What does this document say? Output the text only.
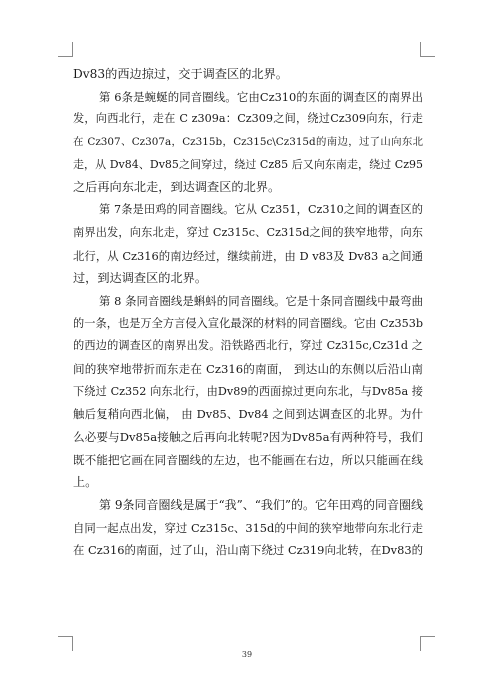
Dv83的西边掠过，交于调查区的北界。
第 6条是蜿蜒的同音圈线。它由Cz310的东面的调查区的南界出
发，向西北行，走在 C z309a：Cz309之间，绕过Cz309向东，行走
在 Cz307、Cz307a，Cz315b，Cz315c\Cz315d的南边，过了山向东北
走，从 Dv84、Dv85之间穿过，绕过 Cz85 后又向东南走，绕过 Cz95
之后再向东北走，到达调查区的北界。
第 7条是田鸡的同音圈线。它从 Cz351，Cz310之间的调查区的
南界出发，向东北走，穿过 Cz315c、Cz315d之间的狭窄地带，向东
北行，从 Cz316的南边经过，继续前进，由 D v83及 Dv83 a之间通
过，到达调查区的北界。
第 8 条同音圈线是蝌蚪的同音圈线。它是十条同音圈线中最弯曲
的一条，也是万全方言侵入宣化最深的材料的同音圈线。它由 Cz353b
的西边的调查区的南界出发。沿铁路西北行，穿过 Cz315c,Cz31d 之
间的狭窄地带折而东走在 Cz316的南面， 到达山的东侧以后沿山南
下绕过 Cz352 向东北行，由Dv89的西面掠过更向东北，与Dv85a 接
触后复稍向西北偏， 由 Dv85、Dv84 之间到达调查区的北界。为什
么必要与Dv85a接触之后再向北转呢?因为Dv85a有两种符号，我们
既不能把它画在同音圈线的左边，也不能画在右边，所以只能画在线
上。
第 9条同音圈线是属于“我”、“我们”的。它年田鸡的同音圈线
自同一起点出发，穿过 Cz315c、315d的中间的狭窄地带向东北行走
在 Cz316的南面，过了山，沿山南下绕过 Cz319向北转，在Dv83的
39
